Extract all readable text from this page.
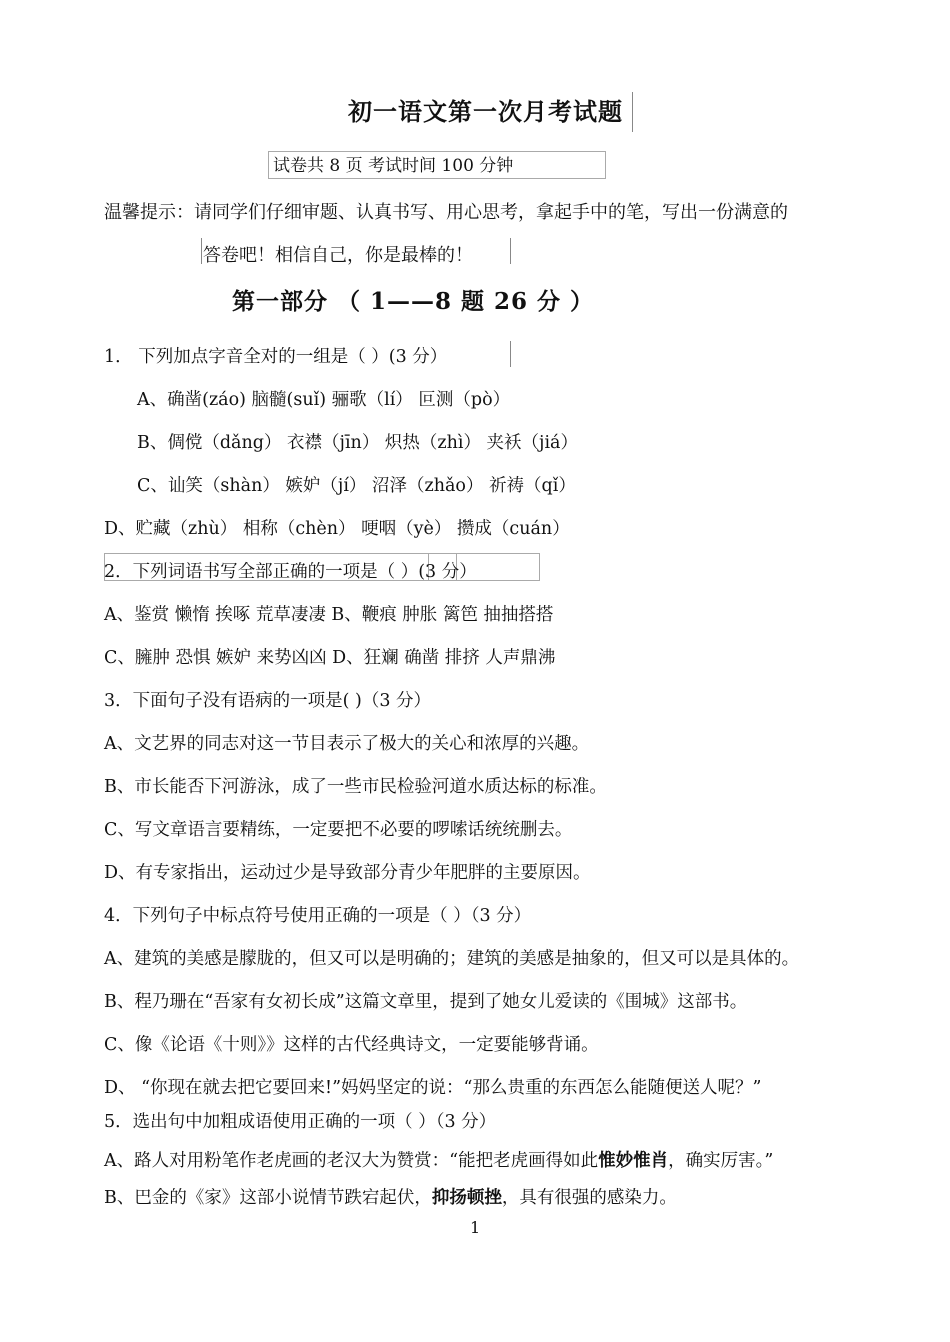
初一语文第一次月考试题
试卷共 8 页 考试时间 100 分钟
温馨提示：请同学们仔细审题、认真书写、用心思考，拿起手中的笔，写出一份满意的
答卷吧！相信自己，你是最棒的！
第一部分 （ 1——8 题 26 分 ）
1． 下列加点字音全对的一组是（ ）(3 分）
A、确凿(záo) 脑髓(suǐ) 骊歌（lí） 叵测（pò）
B、倜傥（dǎng） 衣襟（jīn） 炽热（zhì） 夹袄（jiá）
C、讪笑（shàn） 嫉妒（jí） 沼泽（zhǎo） 祈祷（qǐ）
D、贮藏（zhù） 相称（chèn） 哽咽（yè） 攒成（cuán）
2．下列词语书写全部正确的一项是（ ）(3 分）
A、鉴赏 懒惰 挨啄 荒草凄凄 B、鞭痕 肿胀 篱笆 抽抽搭搭
C、臃肿 恐惧 嫉妒 来势凶凶 D、狂斓 确凿 排挤 人声鼎沸
3．下面句子没有语病的一项是( )（3 分）
A、文艺界的同志对这一节目表示了极大的关心和浓厚的兴趣。
B、市长能否下河游泳，成了一些市民检验河道水质达标的标准。
C、写文章语言要精练，一定要把不必要的啰嗦话统统删去。
D、有专家指出，运动过少是导致部分青少年肥胖的主要原因。
4．下列句子中标点符号使用正确的一项是（ ）（3 分）
A、建筑的美感是朦胧的，但又可以是明确的；建筑的美感是抽象的，但又可以是具体的。
B、程乃珊在“吾家有女初长成”这篇文章里，提到了她女儿爱读的《围城》这部书。
C、像《论语《十则》》这样的古代经典诗文，一定要能够背诵。
D、 “你现在就去把它要回来!”妈妈坚定的说：“那么贵重的东西怎么能随便送人呢？”
5．选出句中加粗成语使用正确的一项（ ）（3 分）
A、路人对用粉笔作老虎画的老汉大为赞赏：“能把老虎画得如此惟妙惟肖，确实厉害。”
B、巴金的《家》这部小说情节跌宕起伏，抑扬顿挫，具有很强的感染力。
1
